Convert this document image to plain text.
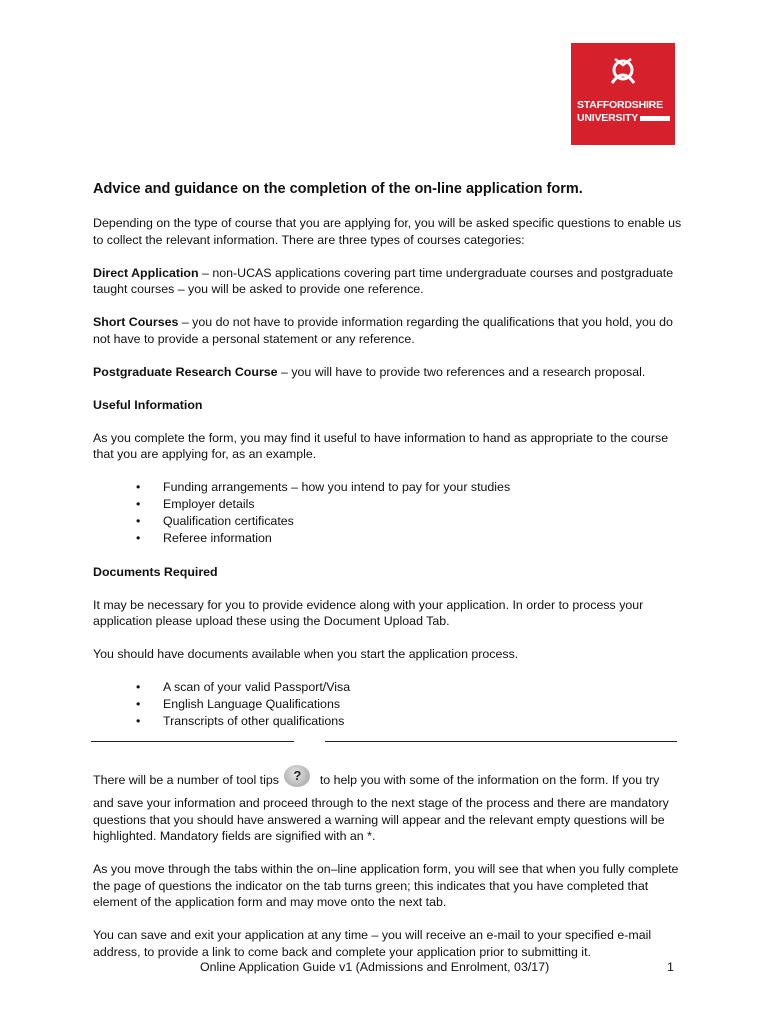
STAFFORDSHIRE
UNIVERSITY
Advice and guidance on the completion of the on-line application form.

Depending on the type of course that you are applying for, you will be asked specific questions to enable us to collect the relevant information. There are three types of courses categories:

Direct Application – non-UCAS applications covering part time undergraduate courses and postgraduate taught courses – you will be asked to provide one reference.

Short Courses – you do not have to provide information regarding the qualifications that you hold, you do not have to provide a personal statement or any reference.

Postgraduate Research Course – you will have to provide two references and a research proposal.

Useful Information

As you complete the form, you may find it useful to have information to hand as appropriate to the course that you are applying for, as an example.

• Funding arrangements – how you intend to pay for your studies
• Employer details
• Qualification certificates
• Referee information

Documents Required

It may be necessary for you to provide evidence along with your application. In order to process your application please upload these using the Document Upload Tab.

You should have documents available when you start the application process.

• A scan of your valid Passport/Visa
• English Language Qualifications
• Transcripts of other qualifications

There will be a number of tool tips ? to help you with some of the information on the form. If you try and save your information and proceed through to the next stage of the process and there are mandatory questions that you should have answered a warning will appear and the relevant empty questions will be highlighted. Mandatory fields are signified with an *.

As you move through the tabs within the on–line application form, you will see that when you fully complete the page of questions the indicator on the tab turns green; this indicates that you have completed that element of the application form and may move onto the next tab.

You can save and exit your application at any time – you will receive an e-mail to your specified e-mail address, to provide a link to come back and complete your application prior to submitting it.

Online Application Guide v1 (Admissions and Enrolment, 03/17)	1
